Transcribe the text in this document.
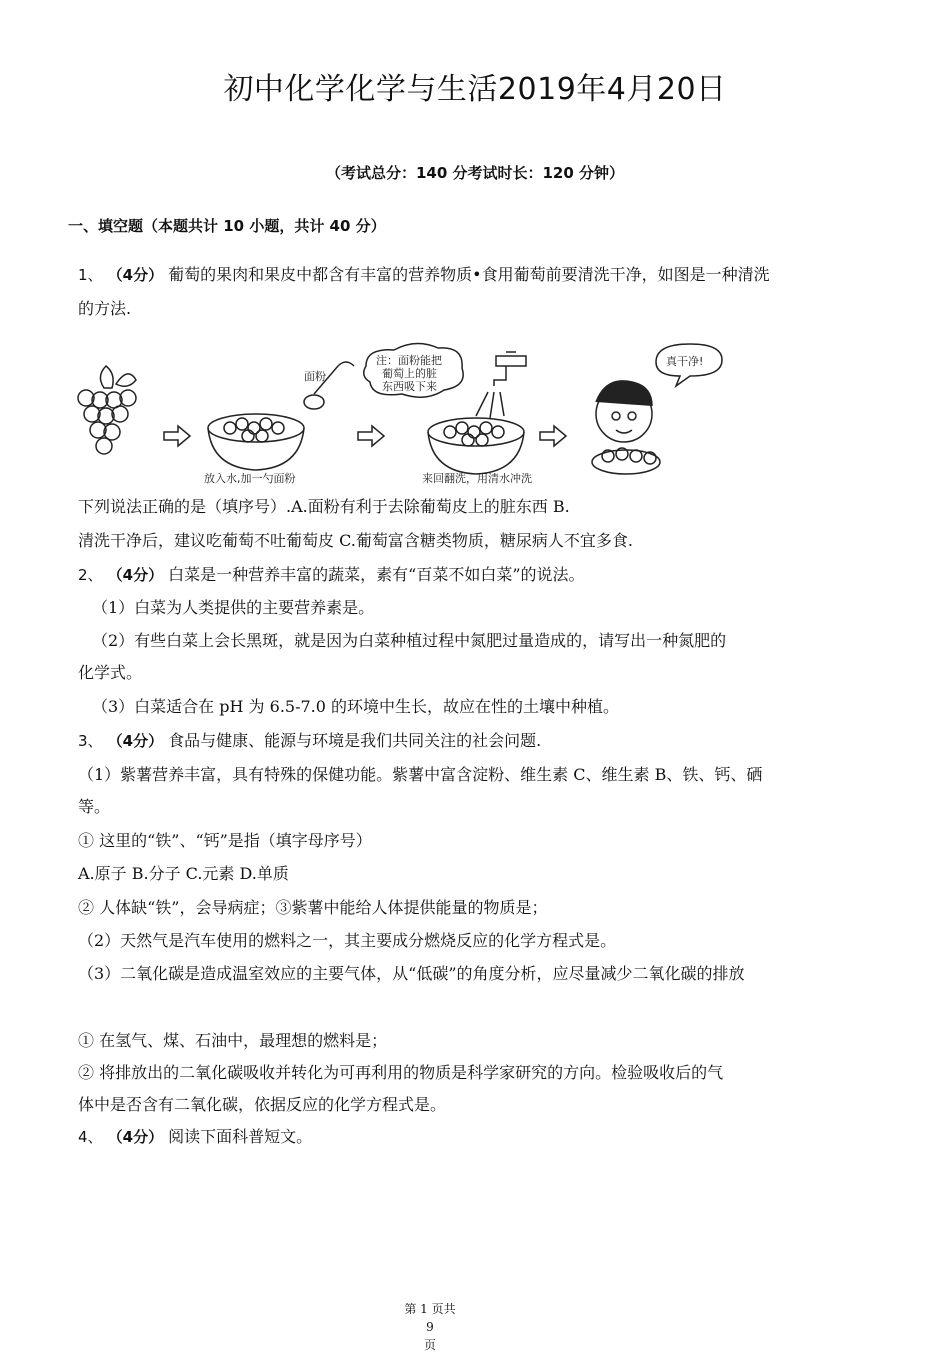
初中化学化学与生活2019年4月20日
（考试总分：140 分考试时长：120 分钟）
一、填空题（本题共计 10 小题，共计 40 分）
1、 （4分） 葡萄的果肉和果皮中都含有丰富的营养物质•食用葡萄前要清洗干净，如图是一种清洗
的方法.
面粉
注：面粉能把
葡萄上的脏
东西吸下来
真干净!
放入水,加一勺面粉	来回翻洗，用清水冲洗
下列说法正确的是（填序号）.A.面粉有利于去除葡萄皮上的脏东西 B.
清洗干净后，建议吃葡萄不吐葡萄皮 C.葡萄富含糖类物质，糖尿病人不宜多食.
2、 （4分） 白菜是一种营养丰富的蔬菜，素有“百菜不如白菜”的说法。
（1）白菜为人类提供的主要营养素是。
（2）有些白菜上会长黑斑，就是因为白菜种植过程中氮肥过量造成的，请写出一种氮肥的
化学式。
（3）白菜适合在 pH 为 6.5-7.0 的环境中生长，故应在性的土壤中种植。
3、 （4分） 食品与健康、能源与环境是我们共同关注的社会问题.
（1）紫薯营养丰富，具有特殊的保健功能。紫薯中富含淀粉、维生素 C、维生素 B、铁、钙、硒
等。
① 这里的“铁”、“钙”是指（填字母序号）
A.原子 B.分子 C.元素 D.单质
② 人体缺“铁”，会导病症；③紫薯中能给人体提供能量的物质是；
（2）天然气是汽车使用的燃料之一，其主要成分燃烧反应的化学方程式是。
（3）二氧化碳是造成温室效应的主要气体，从“低碳”的角度分析，应尽量减少二氧化碳的排放
① 在氢气、煤、石油中，最理想的燃料是；
② 将排放出的二氧化碳吸收并转化为可再利用的物质是科学家研究的方向。检验吸收后的气
体中是否含有二氧化碳，依据反应的化学方程式是。
4、 （4分） 阅读下面科普短文。
第 1 页共 9
页
